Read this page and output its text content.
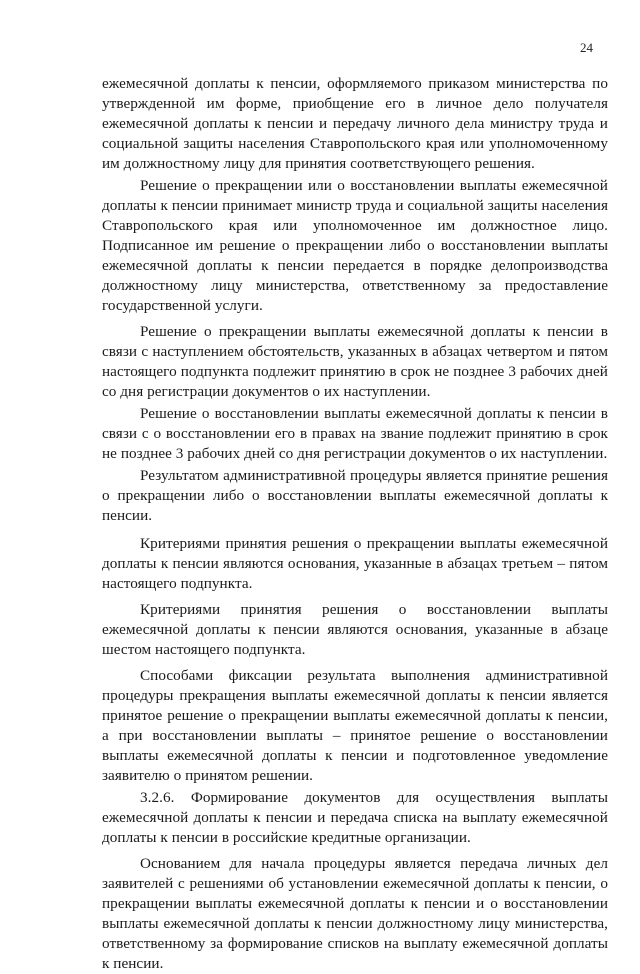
24

ежемесячной доплаты к пенсии, оформляемого приказом министерства по утвержденной им форме, приобщение его в личное дело получателя ежемесячной доплаты к пенсии и передачу личного дела министру труда и социальной защиты населения Ставропольского края или уполномоченному им должностному лицу для принятия соответствующего решения.

Решение о прекращении или о восстановлении выплаты ежемесячной доплаты к пенсии принимает министр труда и социальной защиты населения Ставропольского края или уполномоченное им должностное лицо. Подписанное им решение о прекращении либо о восстановлении выплаты ежемесячной доплаты к пенсии передается в порядке делопроизводства должностному лицу министерства, ответственному за предоставление государственной услуги.

Решение о прекращении выплаты ежемесячной доплаты к пенсии в связи с наступлением обстоятельств, указанных в абзацах четвертом и пятом настоящего подпункта подлежит принятию в срок не позднее 3 рабочих дней со дня регистрации документов о их наступлении.

Решение о восстановлении выплаты ежемесячной доплаты к пенсии в связи с о восстановлении его в правах на звание подлежит принятию в срок не позднее 3 рабочих дней со дня регистрации документов о их наступлении.

Результатом административной процедуры является принятие решения о прекращении либо о восстановлении выплаты ежемесячной доплаты к пенсии.

Критериями принятия решения о прекращении выплаты ежемесячной доплаты к пенсии являются основания, указанные в абзацах третьем – пятом настоящего подпункта.

Критериями принятия решения о восстановлении выплаты ежемесячной доплаты к пенсии являются основания, указанные в абзаце шестом настоящего подпункта.

Способами фиксации результата выполнения административной процедуры прекращения выплаты ежемесячной доплаты к пенсии является принятое решение о прекращении выплаты ежемесячной доплаты к пенсии, а при восстановлении выплаты – принятое решение о восстановлении выплаты ежемесячной доплаты к пенсии и подготовленное уведомление заявителю о принятом решении.

3.2.6. Формирование документов для осуществления выплаты ежемесячной доплаты к пенсии и передача списка на выплату ежемесячной доплаты к пенсии в российские кредитные организации.

Основанием для начала процедуры является передача личных дел заявителей с решениями об установлении ежемесячной доплаты к пенсии, о прекращении выплаты ежемесячной доплаты к пенсии и о восстановлении выплаты ежемесячной доплаты к пенсии должностному лицу министерства, ответственному за формирование списков на выплату ежемесячной доплаты к пенсии.
